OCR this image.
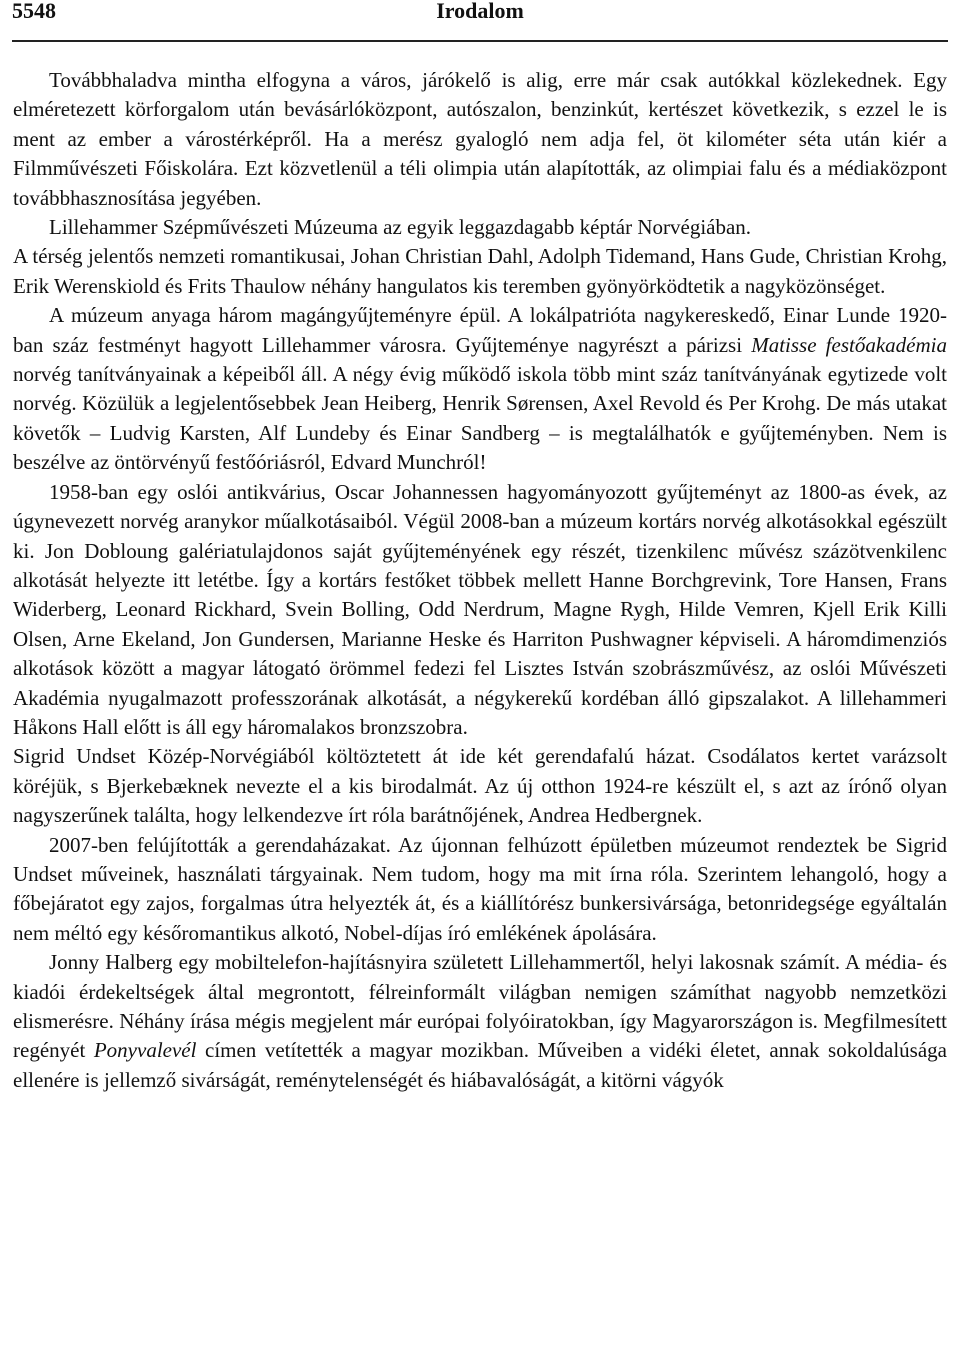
5548	Irodalom

Továbbhaladva mintha elfogyna a város, járókelő is alig, erre már csak autókkal közlekednek. Egy elméretezett körforgalom után bevásárlóközpont, autószalon, benzinkút, kertészet következik, s ezzel le is ment az ember a várostérképről. Ha a merész gyalogló nem adja fel, öt kilométer séta után kiér a Filmművészeti Főiskolára. Ezt közvetlenül a téli olimpia után alapították, az olimpiai falu és a médiaközpont továbbhasznosítása jegyében.

Lillehammer Szépművészeti Múzeuma az egyik leggazdagabb képtár Norvégiában.

A térség jelentős nemzeti romantikusai, Johan Christian Dahl, Adolph Tidemand, Hans Gude, Christian Krohg, Erik Werenskiold és Frits Thaulow néhány hangulatos kis teremben gyönyörködtetik a nagyközönséget.

A múzeum anyaga három magángyűjteményre épül. A lokálpatrióta nagykereskedő, Einar Lunde 1920-ban száz festményt hagyott Lillehammer városra. Gyűjteménye nagyrészt a párizsi Matisse festőakadémia norvég tanítványainak a képeiből áll. A négy évig működő iskola több mint száz tanítványának egytizede volt norvég. Közülük a legjelentősebbek Jean Heiberg, Henrik Sørensen, Axel Revold és Per Krohg. De más utakat követők – Ludvig Karsten, Alf Lundeby és Einar Sandberg – is megtalálhatók e gyűjteményben. Nem is beszélve az öntörvényű festőóriásról, Edvard Munchról!

1958-ban egy oslói antikvárius, Oscar Johannessen hagyományozott gyűjteményt az 1800-as évek, az úgynevezett norvég aranykor műalkotásaiból. Végül 2008-ban a múzeum kortárs norvég alkotásokkal egészült ki. Jon Dobloung galériatulajdonos saját gyűjteményének egy részét, tizenkilenc művész százötvenkilenc alkotását helyezte itt letétbe. Így a kortárs festőket többek mellett Hanne Borchgrevink, Tore Hansen, Frans Widerberg, Leonard Rickhard, Svein Bolling, Odd Nerdrum, Magne Rygh, Hilde Vemren, Kjell Erik Killi Olsen, Arne Ekeland, Jon Gundersen, Marianne Heske és Harriton Pushwagner képviseli. A háromdimenziós alkotások között a magyar látogató örömmel fedezi fel Lisztes István szobrászművész, az oslói Művészeti Akadémia nyugalmazott professzorának alkotását, a négykerekű kordéban álló gipszalakot. A lillehammeri Håkons Hall előtt is áll egy háromalakos bronzszobra.

Sigrid Undset Közép-Norvégiából költöztetett át ide két gerendafalú házat. Csodálatos kertet varázsolt köréjük, s Bjerkebæknek nevezte el a kis birodalmát. Az új otthon 1924-re készült el, s azt az írónő olyan nagyszerűnek találta, hogy lelkendezve írt róla barátnőjének, Andrea Hedbergnek.

2007-ben felújították a gerendaházakat. Az újonnan felhúzott épületben múzeumot rendeztek be Sigrid Undset műveinek, használati tárgyainak. Nem tudom, hogy ma mit írna róla. Szerintem lehangoló, hogy a főbejáratot egy zajos, forgalmas útra helyezték át, és a kiállítórész bunkersivársága, betonridegsége egyáltalán nem méltó egy későromantikus alkotó, Nobel-díjas író emlékének ápolására.

Jonny Halberg egy mobiltelefon-hajításnyira született Lillehammertől, helyi lakosnak számít. A média- és kiadói érdekeltségek által megrontott, félreinformált világban nemigen számíthat nagyobb nemzetközi elismerésre. Néhány írása mégis megjelent már európai folyóiratokban, így Magyarországon is. Megfilmesített regényét Ponyvalevél címen vetítették a magyar mozikban. Műveiben a vidéki életet, annak sokoldalúsága ellenére is jellemző sivárságát, reménytelenségét és hiábavalóságát, a kitörni vágyók
